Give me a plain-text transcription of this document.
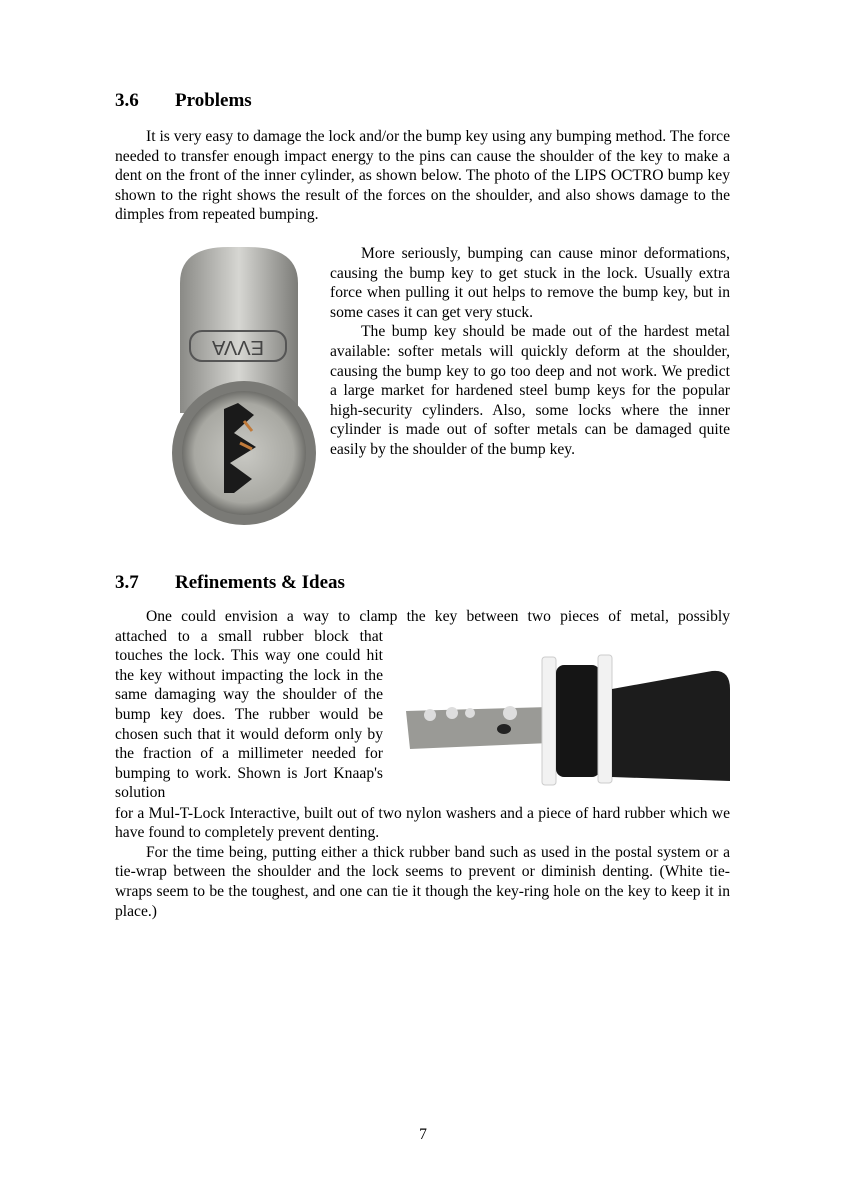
3.6 Problems

It is very easy to damage the lock and/or the bump key using any bumping method. The force needed to transfer enough impact energy to the pins can cause the shoulder of the key to make a dent on the front of the inner cylinder, as shown below. The photo of the LIPS OCTRO bump key shown to the right shows the result of the forces on the shoulder, and also shows damage to the dimples from repeated bumping.

EVVA

More seriously, bumping can cause minor deformations, causing the bump key to get stuck in the lock. Usually extra force when pulling it out helps to remove the bump key, but in some cases it can get very stuck.

The bump key should be made out of the hardest metal available: softer metals will quickly deform at the shoulder, causing the bump key to go too deep and not work. We predict a large market for hardened steel bump keys for the popular high-security cylinders. Also, some locks where the inner cylinder is made out of softer metals can be damaged quite easily by the shoulder of the bump key.

3.7 Refinements & Ideas

One could envision a way to clamp the key between two pieces of metal, possibly

attached to a small rubber block that touches the lock. This way one could hit the key without impacting the lock in the same damaging way the shoulder of the bump key does. The rubber would be chosen such that it would deform only by the fraction of a millimeter needed for bumping to work. Shown is Jort Knaap's solution

for a Mul-T-Lock Interactive, built out of two nylon washers and a piece of hard rubber which we have found to completely prevent denting.

For the time being, putting either a thick rubber band such as used in the postal system or a tie-wrap between the shoulder and the lock seems to prevent or diminish denting. (White tie-wraps seem to be the toughest, and one can tie it though the key-ring hole on the key to keep it in place.)

7
